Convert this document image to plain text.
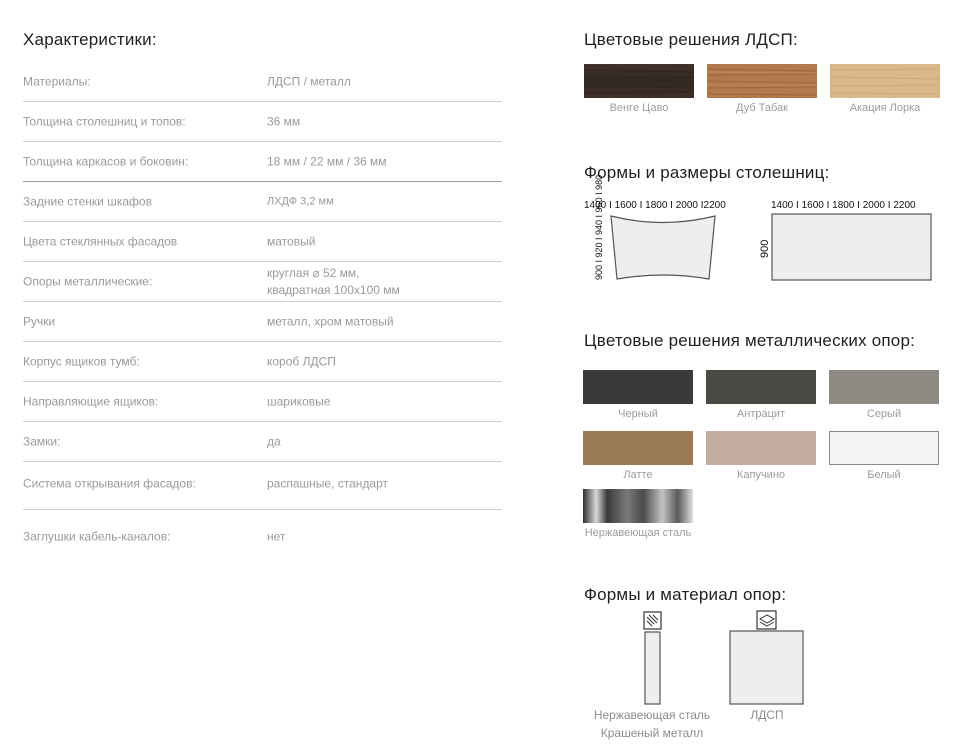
Характеристики:
Материалы:	ЛДСП / металл
Толщина столешниц и топов:	36 мм
Толщина каркасов и боковин:	18 мм / 22 мм / 36 мм
Задние стенки шкафов	ЛХДФ 3,2 мм
Цвета стеклянных фасадов	матовый
Опоры металлические:
круглая ⌀ 52 мм,
квадратная 100х100 мм
Ручки	металл, хром матовый
Корпус ящиков тумб:	короб ЛДСП
Направляющие ящиков:	шариковые
Замки:	да
Система открывания фасадов:	распашные, стандарт
Заглушки кабель-каналов:	нет
Цветовые решения ЛДСП:
Венге Цаво	Дуб Табак	Акация Лорка
Формы и размеры столешниц:
1400 I 1600 I 1800 I 2000 I2200
900 I 920 I 940 I 960 I 980	1400 I 1600 I 1800 I 2000 I 2200
900
Цветовые решения металлических опор:
Черный	Антрацит	Серый
Латте	Капучино	Белый
Нержавеющая сталь
Формы и материал опор:
Нержавеющая сталь
Крашеный металл
ЛДСП
